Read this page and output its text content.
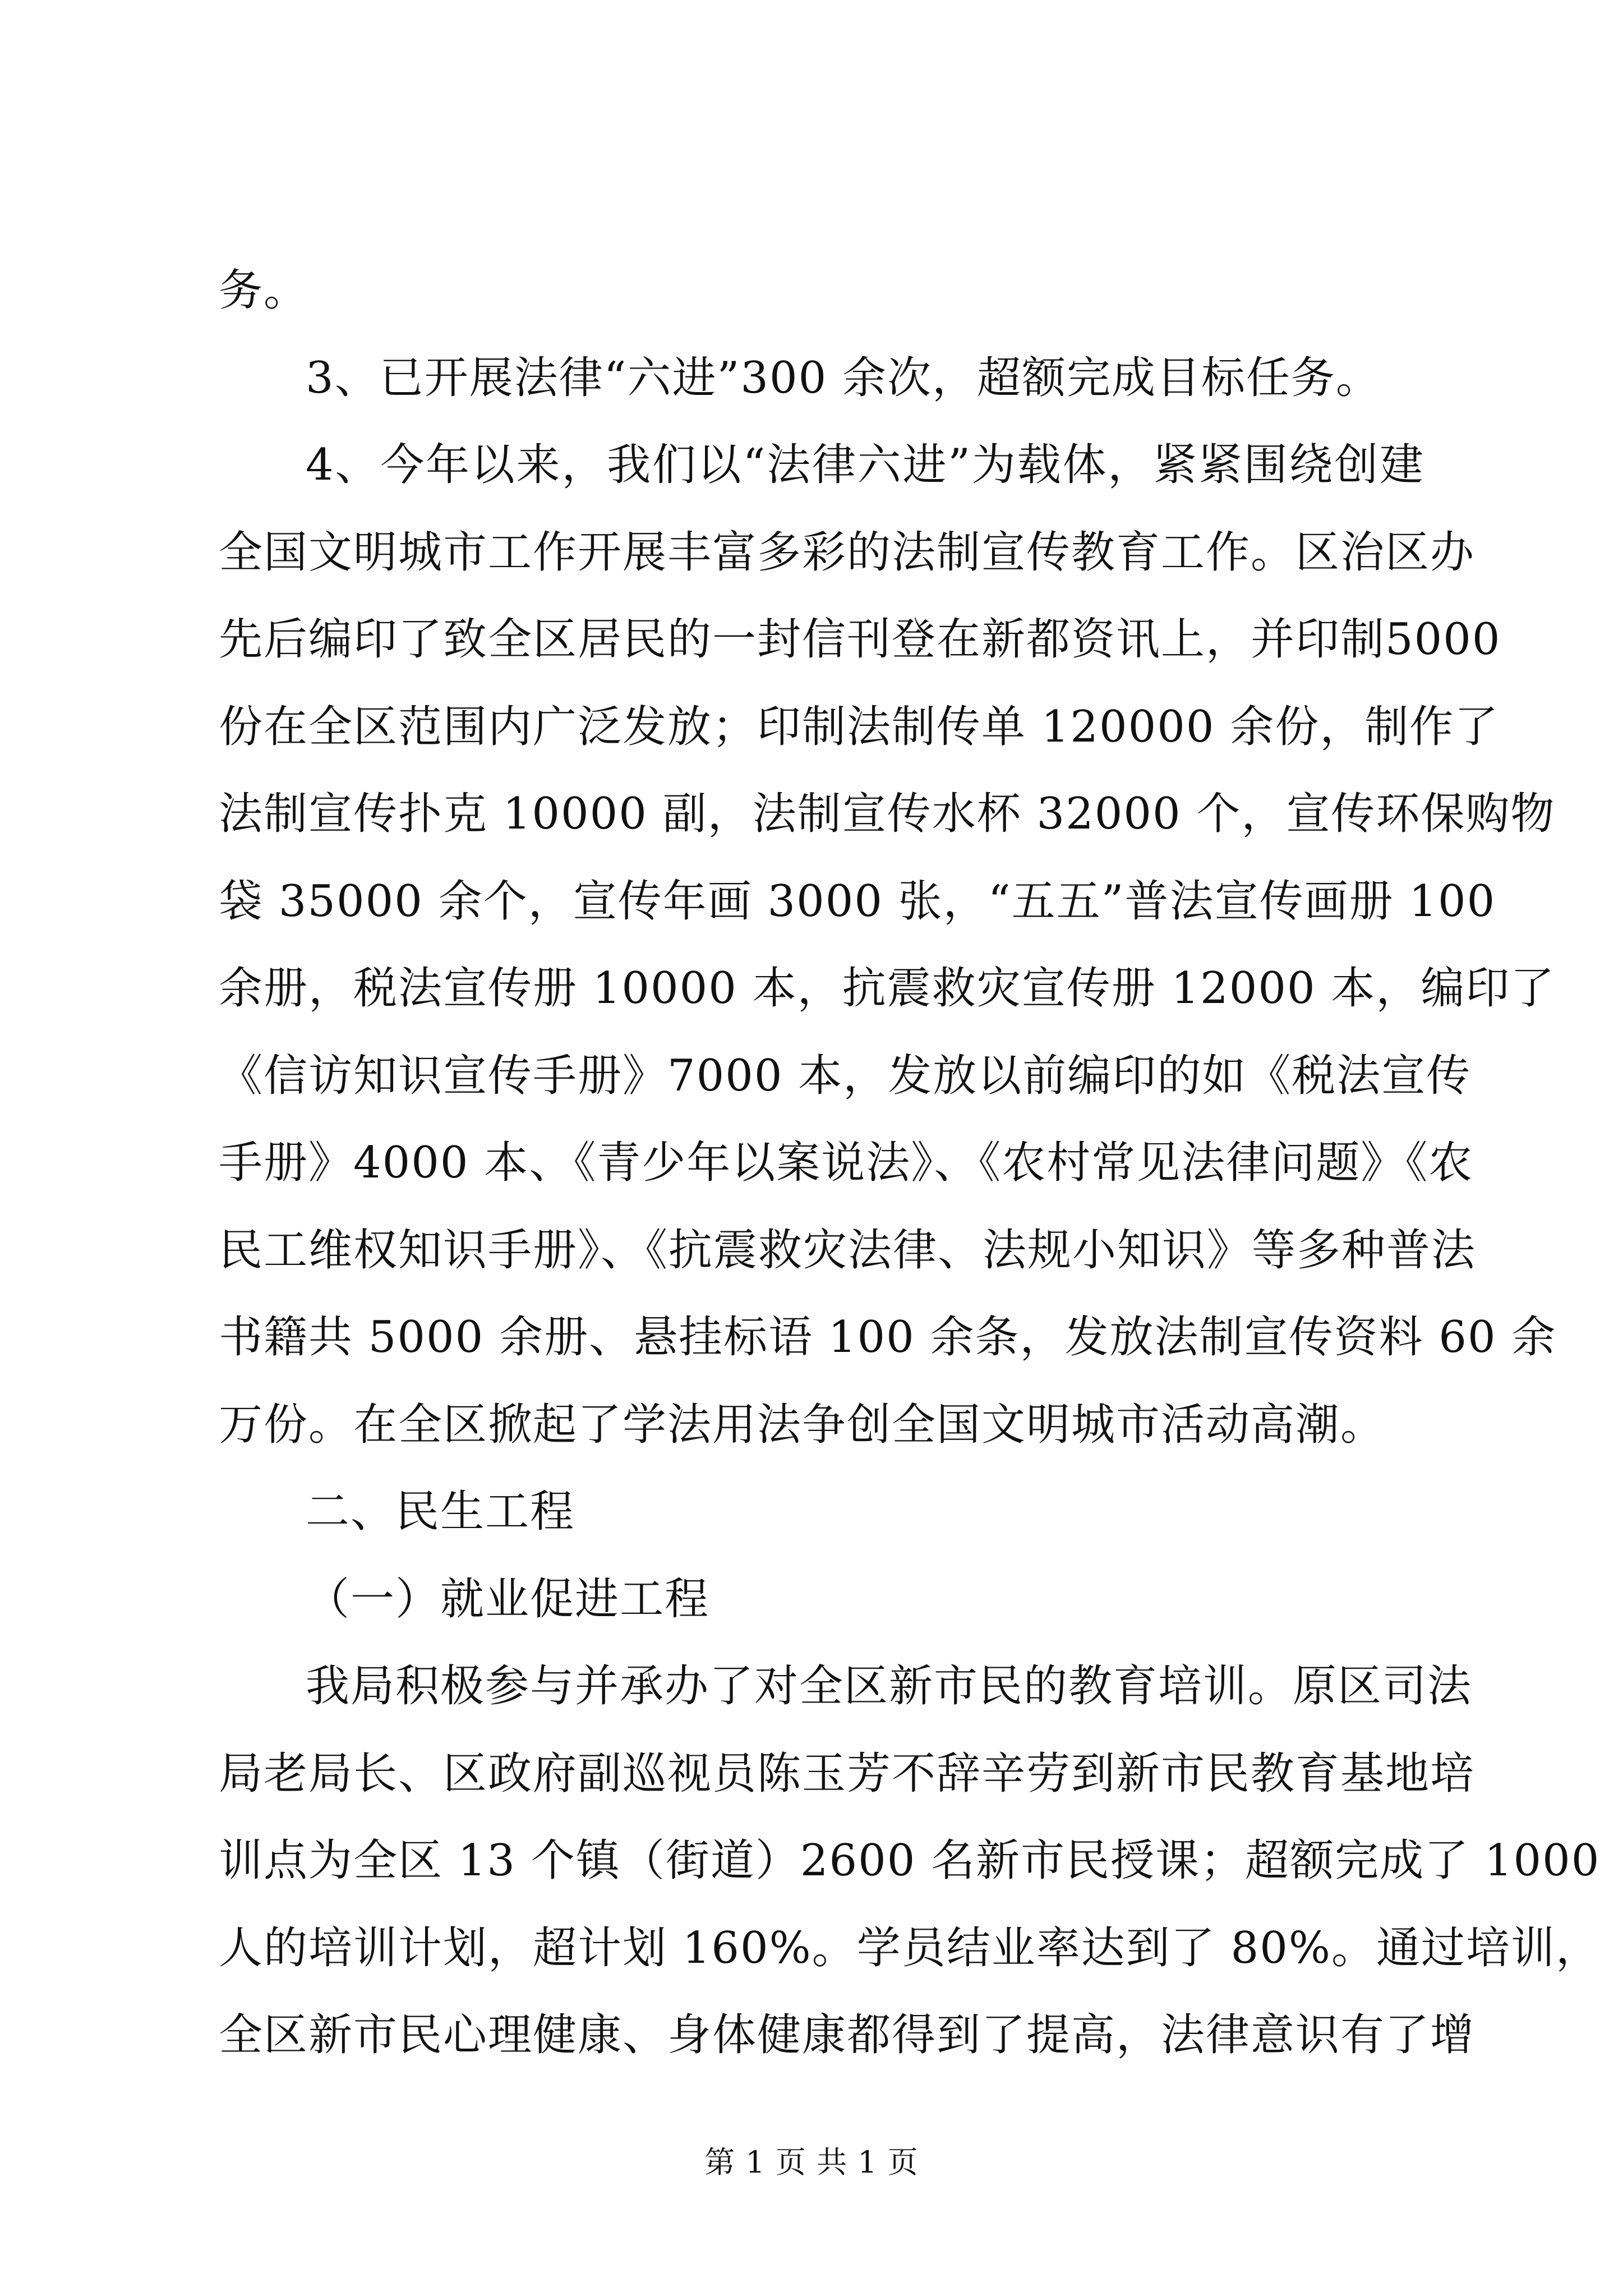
务。
3、已开展法律“六进”300 余次，超额完成目标任务。
4、今年以来，我们以“法律六进”为载体，紧紧围绕创建
全国文明城市工作开展丰富多彩的法制宣传教育工作。区治区办
先后编印了致全区居民的一封信刊登在新都资讯上，并印制5000
份在全区范围内广泛发放；印制法制传单 120000 余份，制作了
法制宣传扑克 10000 副，法制宣传水杯 32000 个，宣传环保购物
袋 35000 余个，宣传年画 3000 张，“五五”普法宣传画册 100
余册，税法宣传册 10000 本，抗震救灾宣传册 12000 本，编印了
《信访知识宣传手册》7000 本，发放以前编印的如《税法宣传
手册》4000 本、《青少年以案说法》、《农村常见法律问题》《农
民工维权知识手册》、《抗震救灾法律、法规小知识》等多种普法
书籍共 5000 余册、悬挂标语 100 余条，发放法制宣传资料 60 余
万份。在全区掀起了学法用法争创全国文明城市活动高潮。
二、民生工程
（一）就业促进工程
我局积极参与并承办了对全区新市民的教育培训。原区司法
局老局长、区政府副巡视员陈玉芳不辞辛劳到新市民教育基地培
训点为全区 13 个镇（街道）2600 名新市民授课；超额完成了 1000
人的培训计划，超计划 160%。学员结业率达到了 80%。通过培训，
全区新市民心理健康、身体健康都得到了提高，法律意识有了增
第 1 页 共 1 页
